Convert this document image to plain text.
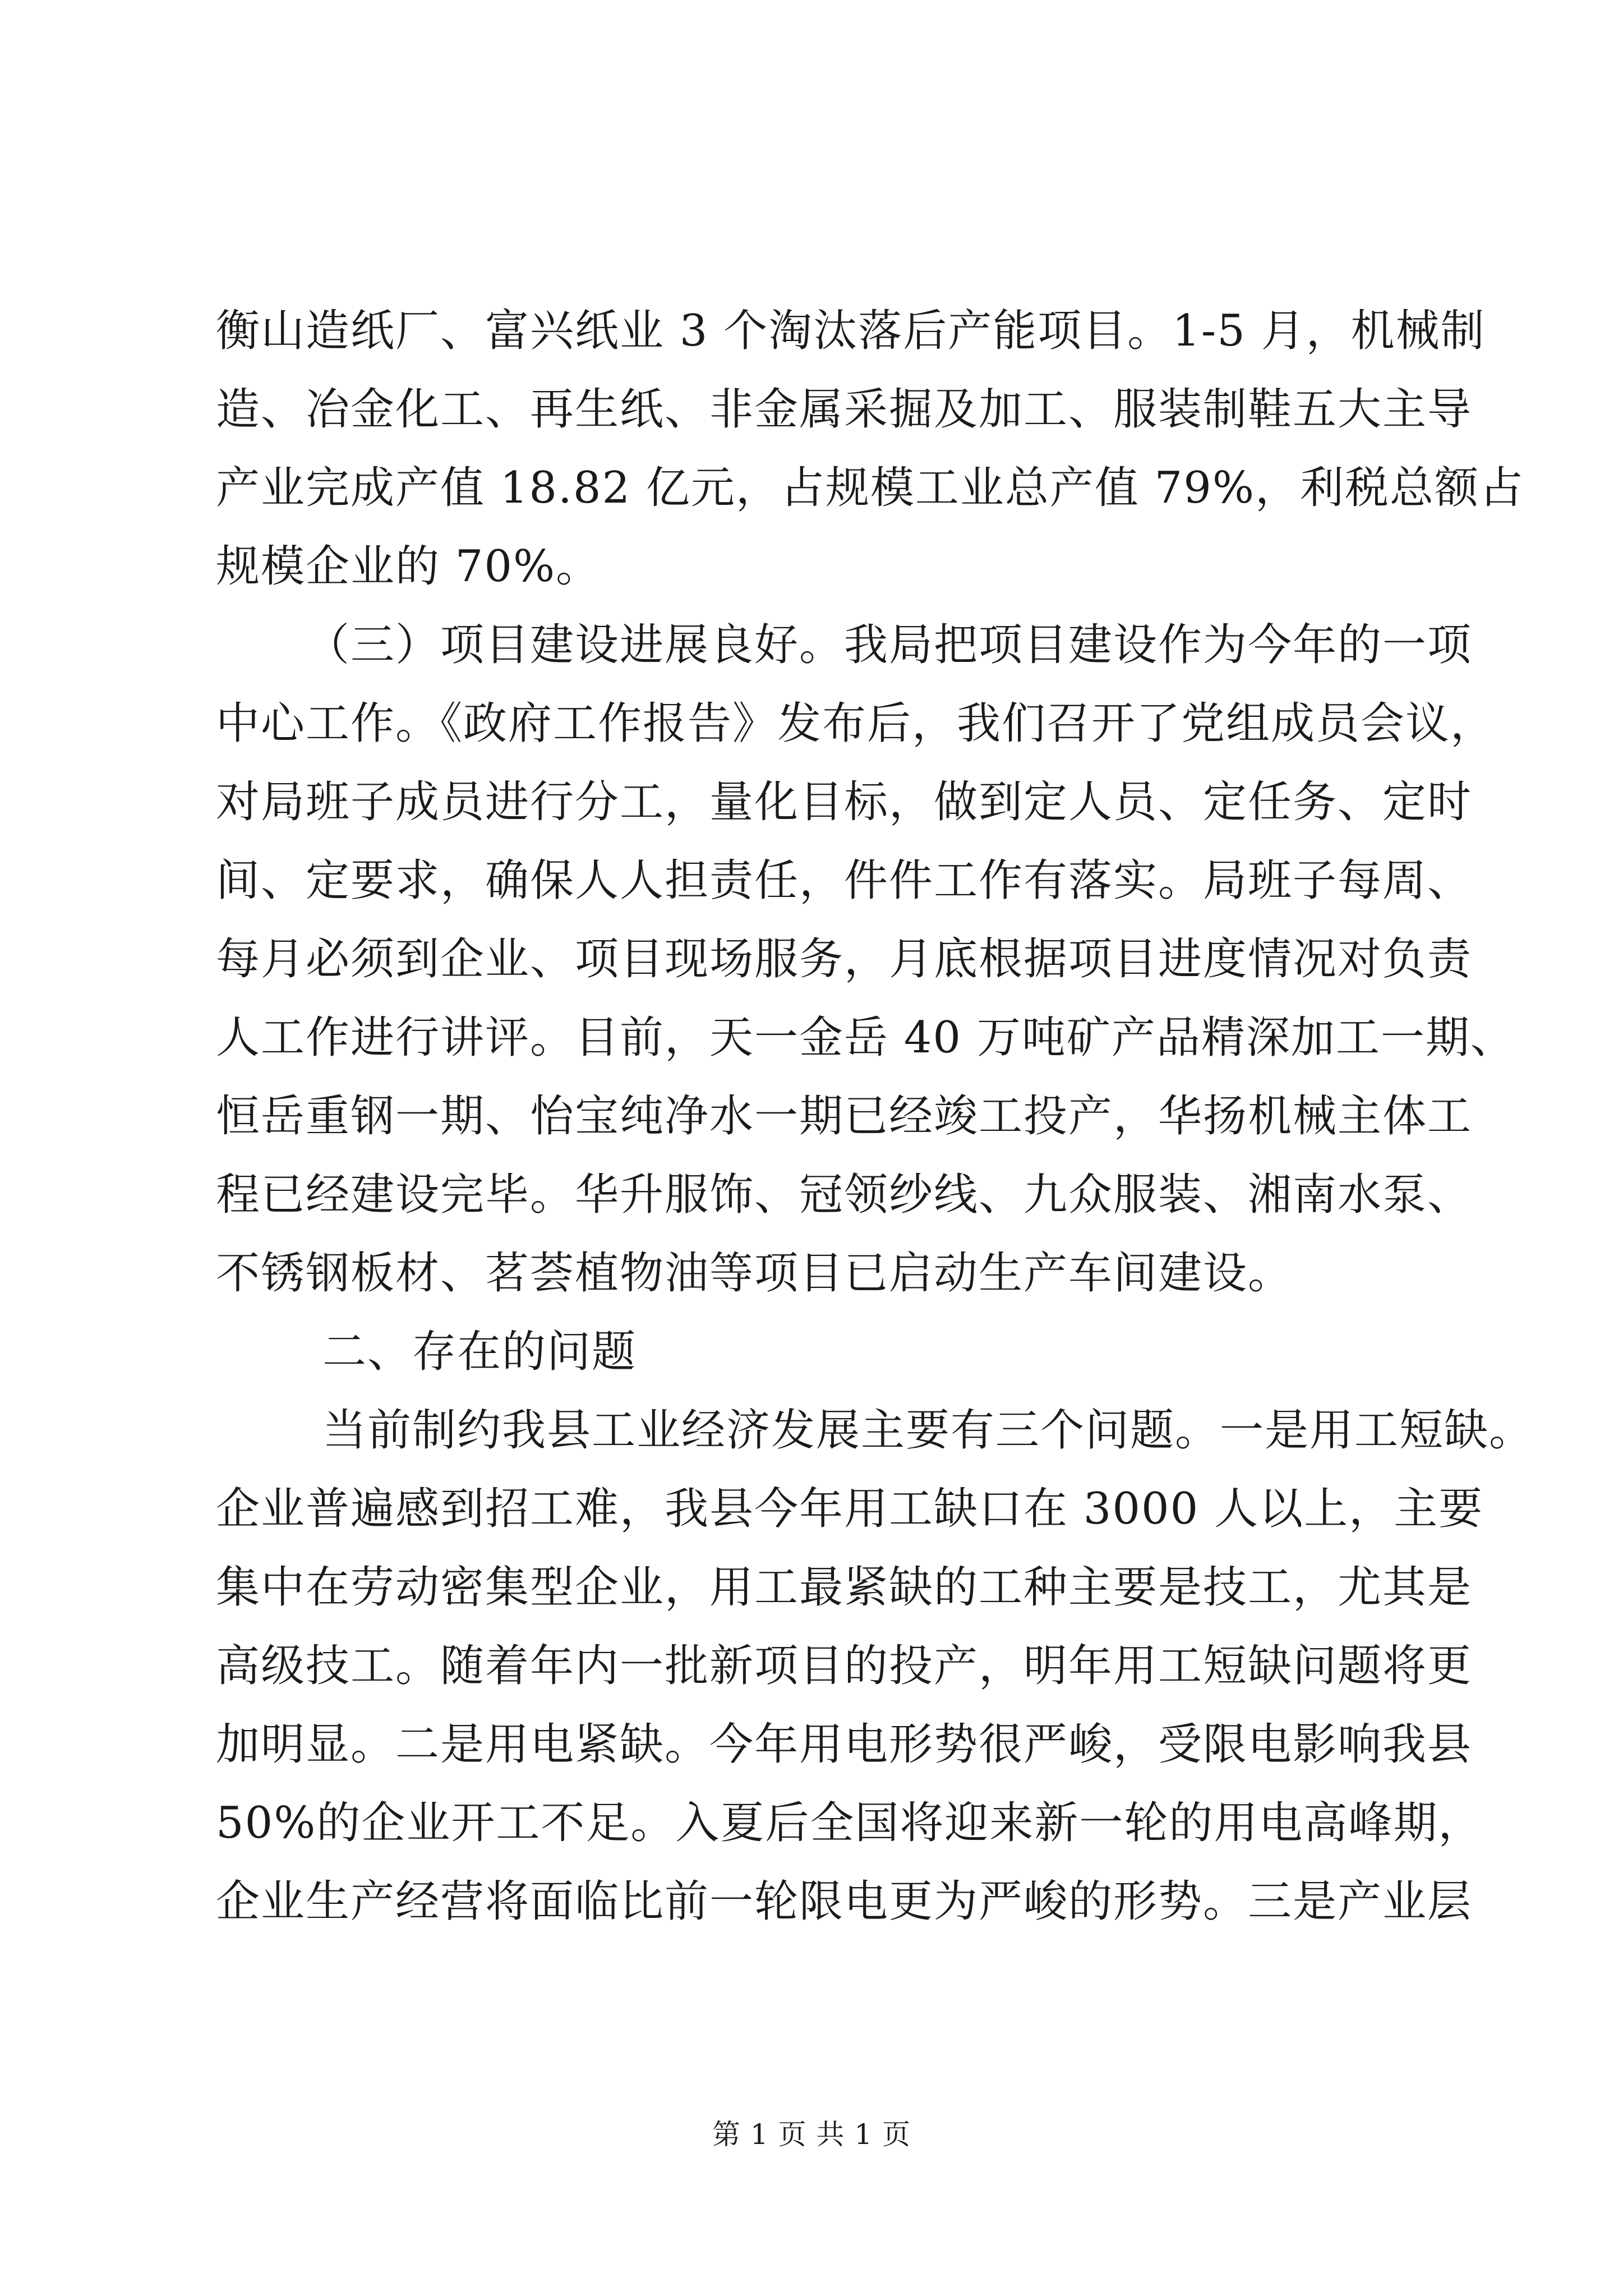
衡山造纸厂、富兴纸业 3 个淘汰落后产能项目。1-5 月，机械制
造、冶金化工、再生纸、非金属采掘及加工、服装制鞋五大主导
产业完成产值 18.82 亿元，占规模工业总产值 79%，利税总额占
规模企业的 70%。
（三）项目建设进展良好。我局把项目建设作为今年的一项
中心工作。《政府工作报告》发布后，我们召开了党组成员会议，
对局班子成员进行分工，量化目标，做到定人员、定任务、定时
间、定要求，确保人人担责任，件件工作有落实。局班子每周、
每月必须到企业、项目现场服务，月底根据项目进度情况对负责
人工作进行讲评。目前，天一金岳 40 万吨矿产品精深加工一期、
恒岳重钢一期、怡宝纯净水一期已经竣工投产，华扬机械主体工
程已经建设完毕。华升服饰、冠领纱线、九众服装、湘南水泵、
不锈钢板材、茗荟植物油等项目已启动生产车间建设。
二、存在的问题
当前制约我县工业经济发展主要有三个问题。一是用工短缺。
企业普遍感到招工难，我县今年用工缺口在 3000 人以上，主要
集中在劳动密集型企业，用工最紧缺的工种主要是技工，尤其是
高级技工。随着年内一批新项目的投产，明年用工短缺问题将更
加明显。二是用电紧缺。今年用电形势很严峻，受限电影响我县
50%的企业开工不足。入夏后全国将迎来新一轮的用电高峰期，
企业生产经营将面临比前一轮限电更为严峻的形势。三是产业层
第 1 页 共 1 页
